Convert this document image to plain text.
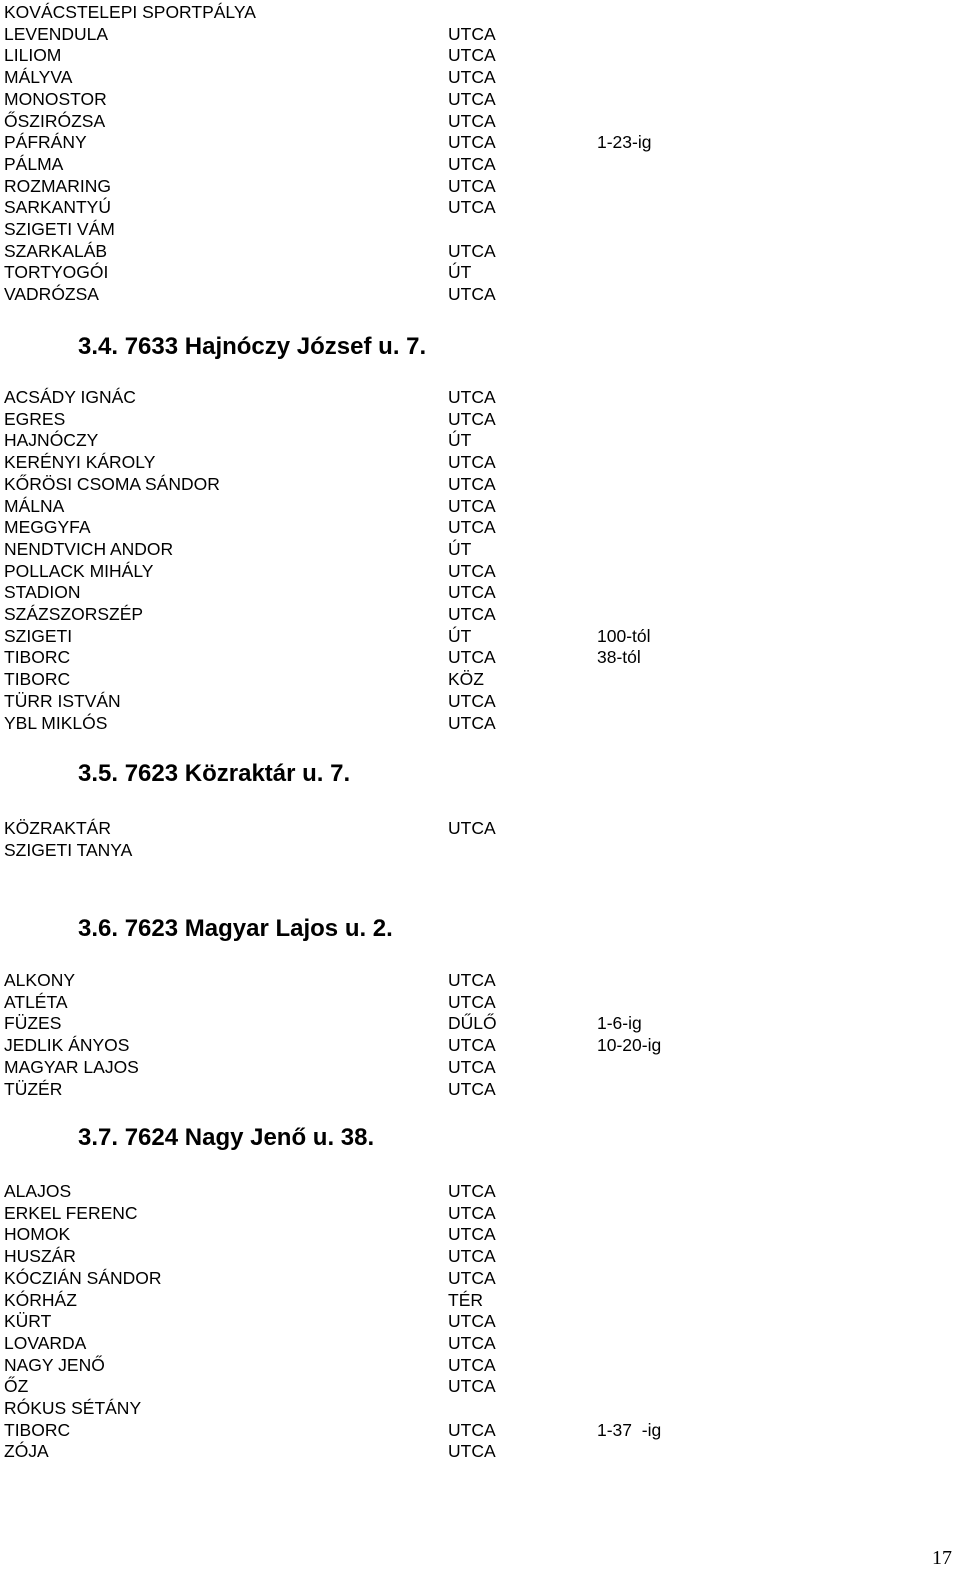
KOVÁCSTELEPI SPORTPÁLYA
LEVENDULA	UTCA
LILIOM	UTCA
MÁLYVA	UTCA
MONOSTOR	UTCA
ŐSZIRÓZSA	UTCA
PÁFRÁNY	UTCA	1-23-ig
PÁLMA	UTCA
ROZMARING	UTCA
SARKANTYÚ	UTCA
SZIGETI VÁM
SZARKALÁB	UTCA
TORTYOGÓI	ÚT
VADRÓZSA	UTCA
3.4. 7633 Hajnóczy József u. 7.
ACSÁDY IGNÁC	UTCA
EGRES	UTCA
HAJNÓCZY	ÚT
KERÉNYI KÁROLY	UTCA
KŐRÖSI CSOMA SÁNDOR	UTCA
MÁLNA	UTCA
MEGGYFA	UTCA
NENDTVICH ANDOR	ÚT
POLLACK MIHÁLY	UTCA
STADION	UTCA
SZÁZSZORSZÉP	UTCA
SZIGETI	ÚT	100-tól
TIBORC	UTCA	38-tól
TIBORC	KÖZ
TÜRR ISTVÁN	UTCA
YBL MIKLÓS	UTCA
3.5. 7623 Közraktár u. 7.
KÖZRAKTÁR	UTCA
SZIGETI TANYA
3.6. 7623 Magyar Lajos u. 2.
ALKONY	UTCA
ATLÉTA	UTCA
FÜZES	DŰLŐ	1-6-ig
JEDLIK ÁNYOS	UTCA	10-20-ig
MAGYAR LAJOS	UTCA
TÜZÉR	UTCA
3.7. 7624 Nagy Jenő u. 38.
ALAJOS	UTCA
ERKEL FERENC	UTCA
HOMOK	UTCA
HUSZÁR	UTCA
KÓCZIÁN SÁNDOR	UTCA
KÓRHÁZ	TÉR
KÜRT	UTCA
LOVARDA	UTCA
NAGY JENŐ	UTCA
ŐZ	UTCA
RÓKUS SÉTÁNY
TIBORC	UTCA	1-37  -ig
ZÓJA	UTCA
17
